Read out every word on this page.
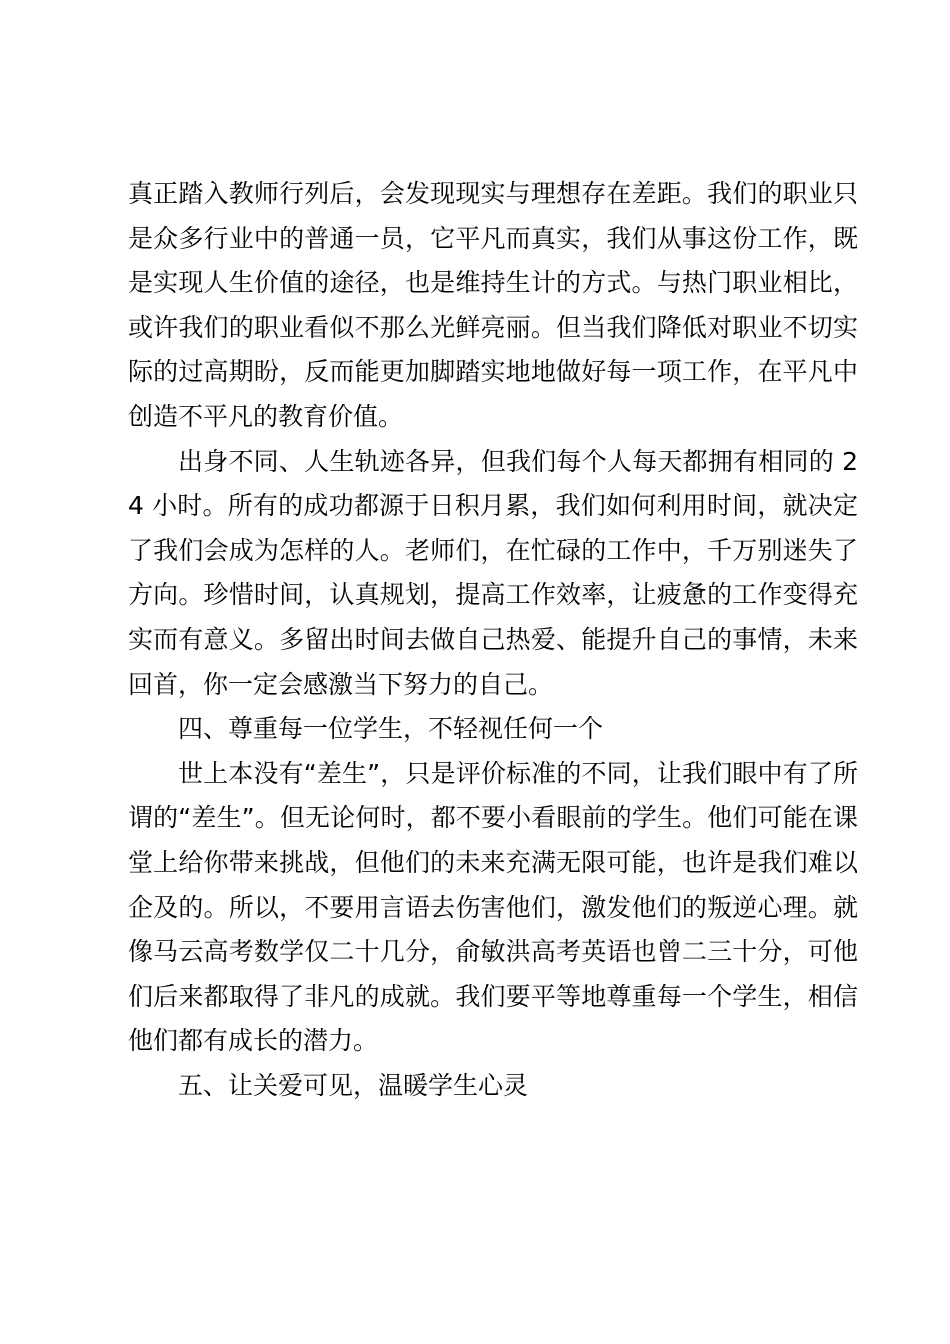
真正踏入教师行列后，会发现现实与理想存在差距。我们的职业只是众多行业中的普通一员，它平凡而真实，我们从事这份工作，既是实现人生价值的途径，也是维持生计的方式。与热门职业相比，或许我们的职业看似不那么光鲜亮丽。但当我们降低对职业不切实际的过高期盼，反而能更加脚踏实地地做好每一项工作，在平凡中创造不平凡的教育价值。

出身不同、人生轨迹各异，但我们每个人每天都拥有相同的 24 小时。所有的成功都源于日积月累，我们如何利用时间，就决定了我们会成为怎样的人。老师们，在忙碌的工作中，千万别迷失了方向。珍惜时间，认真规划，提高工作效率，让疲惫的工作变得充实而有意义。多留出时间去做自己热爱、能提升自己的事情，未来回首，你一定会感激当下努力的自己。

四、尊重每一位学生，不轻视任何一个

世上本没有“差生”，只是评价标准的不同，让我们眼中有了所谓的“差生”。但无论何时，都不要小看眼前的学生。他们可能在课堂上给你带来挑战，但他们的未来充满无限可能，也许是我们难以企及的。所以，不要用言语去伤害他们，激发他们的叛逆心理。就像马云高考数学仅二十几分，俞敏洪高考英语也曾二三十分，可他们后来都取得了非凡的成就。我们要平等地尊重每一个学生，相信他们都有成长的潜力。

五、让关爱可见，温暖学生心灵
